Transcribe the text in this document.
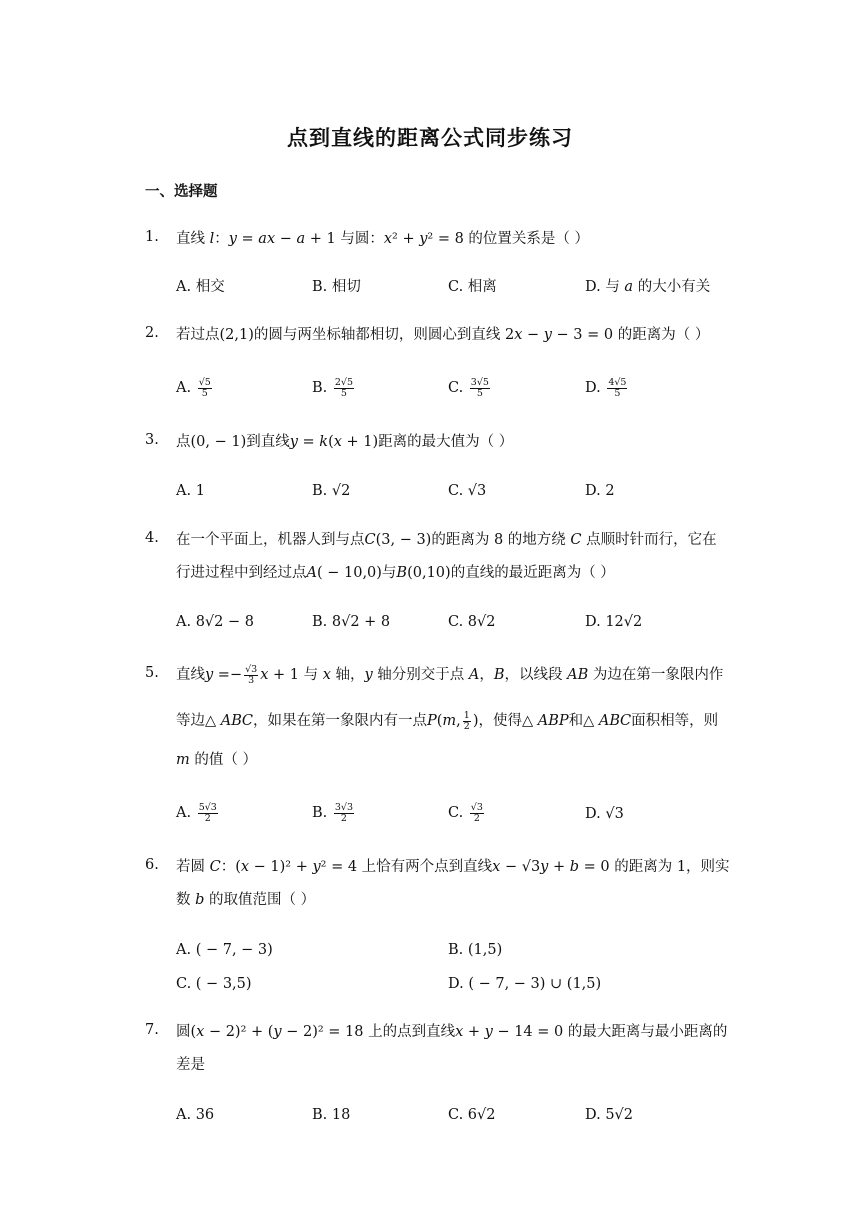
点到直线的距离公式同步练习
一、选择题
1. 直线 𝑙：𝑦 = 𝑎𝑥 − 𝑎 + 1 与圆：𝑥² + 𝑦² = 8 的位置关系是（ ）
A. 相交	B. 相切	C. 相离	D. 与 𝑎 的大小有关
2. 若过点(2,1)的圆与两坐标轴都相切，则圆心到直线 2𝑥 − 𝑦 − 3 = 0 的距离为（ ）
A. $\frac{√5}{5}$	B. $\frac{2√5}{5}$	C. $\frac{3√5}{5}$	D. $\frac{4√5}{5}$
3. 点(0, − 1)到直线𝑦 = 𝑘(𝑥 + 1)距离的最大值为（ ）
A. 1	B. √2	C. √3	D. 2
4. 在一个平面上，机器人到与点𝐶(3, − 3)的距离为 8 的地方绕 𝐶 点顺时针而行，它在
行进过程中到经过点𝐴( − 10,0)与𝐵(0,10)的直线的最近距离为（ ）
A. 8√2 − 8	B. 8√2 + 8	C. 8√2	D. 12√2
5. 直线𝑦 =− $\frac{√3}{3}$ 𝑥 + 1 与 𝑥 轴，𝑦 轴分别交于点 𝐴，𝐵，以线段 𝐴𝐵 为边在第一象限内作
等边△ 𝐴𝐵𝐶，如果在第一象限内有一点𝑃(𝑚, $\frac{1}{2}$ )，使得△ 𝐴𝐵𝑃和△ 𝐴𝐵𝐶面积相等，则
𝑚 的值（ ）
A. $\frac{5√3}{2}$	B. $\frac{3√3}{2}$	C. $\frac{√3}{2}$	D. √3
6. 若圆 𝐶：(𝑥 − 1)² + 𝑦² = 4 上恰有两个点到直线𝑥 − √3𝑦 + 𝑏 = 0 的距离为 1，则实
数 𝑏 的取值范围（ ）
A. ( − 7, − 3)	B. (1,5)
C. ( − 3,5)	D. ( − 7, − 3) ∪ (1,5)
7. 圆(𝑥 − 2)² + (𝑦 − 2)² = 18 上的点到直线𝑥 + 𝑦 − 14 = 0 的最大距离与最小距离的
差是
A. 36	B. 18	C. 6√2	D. 5√2
